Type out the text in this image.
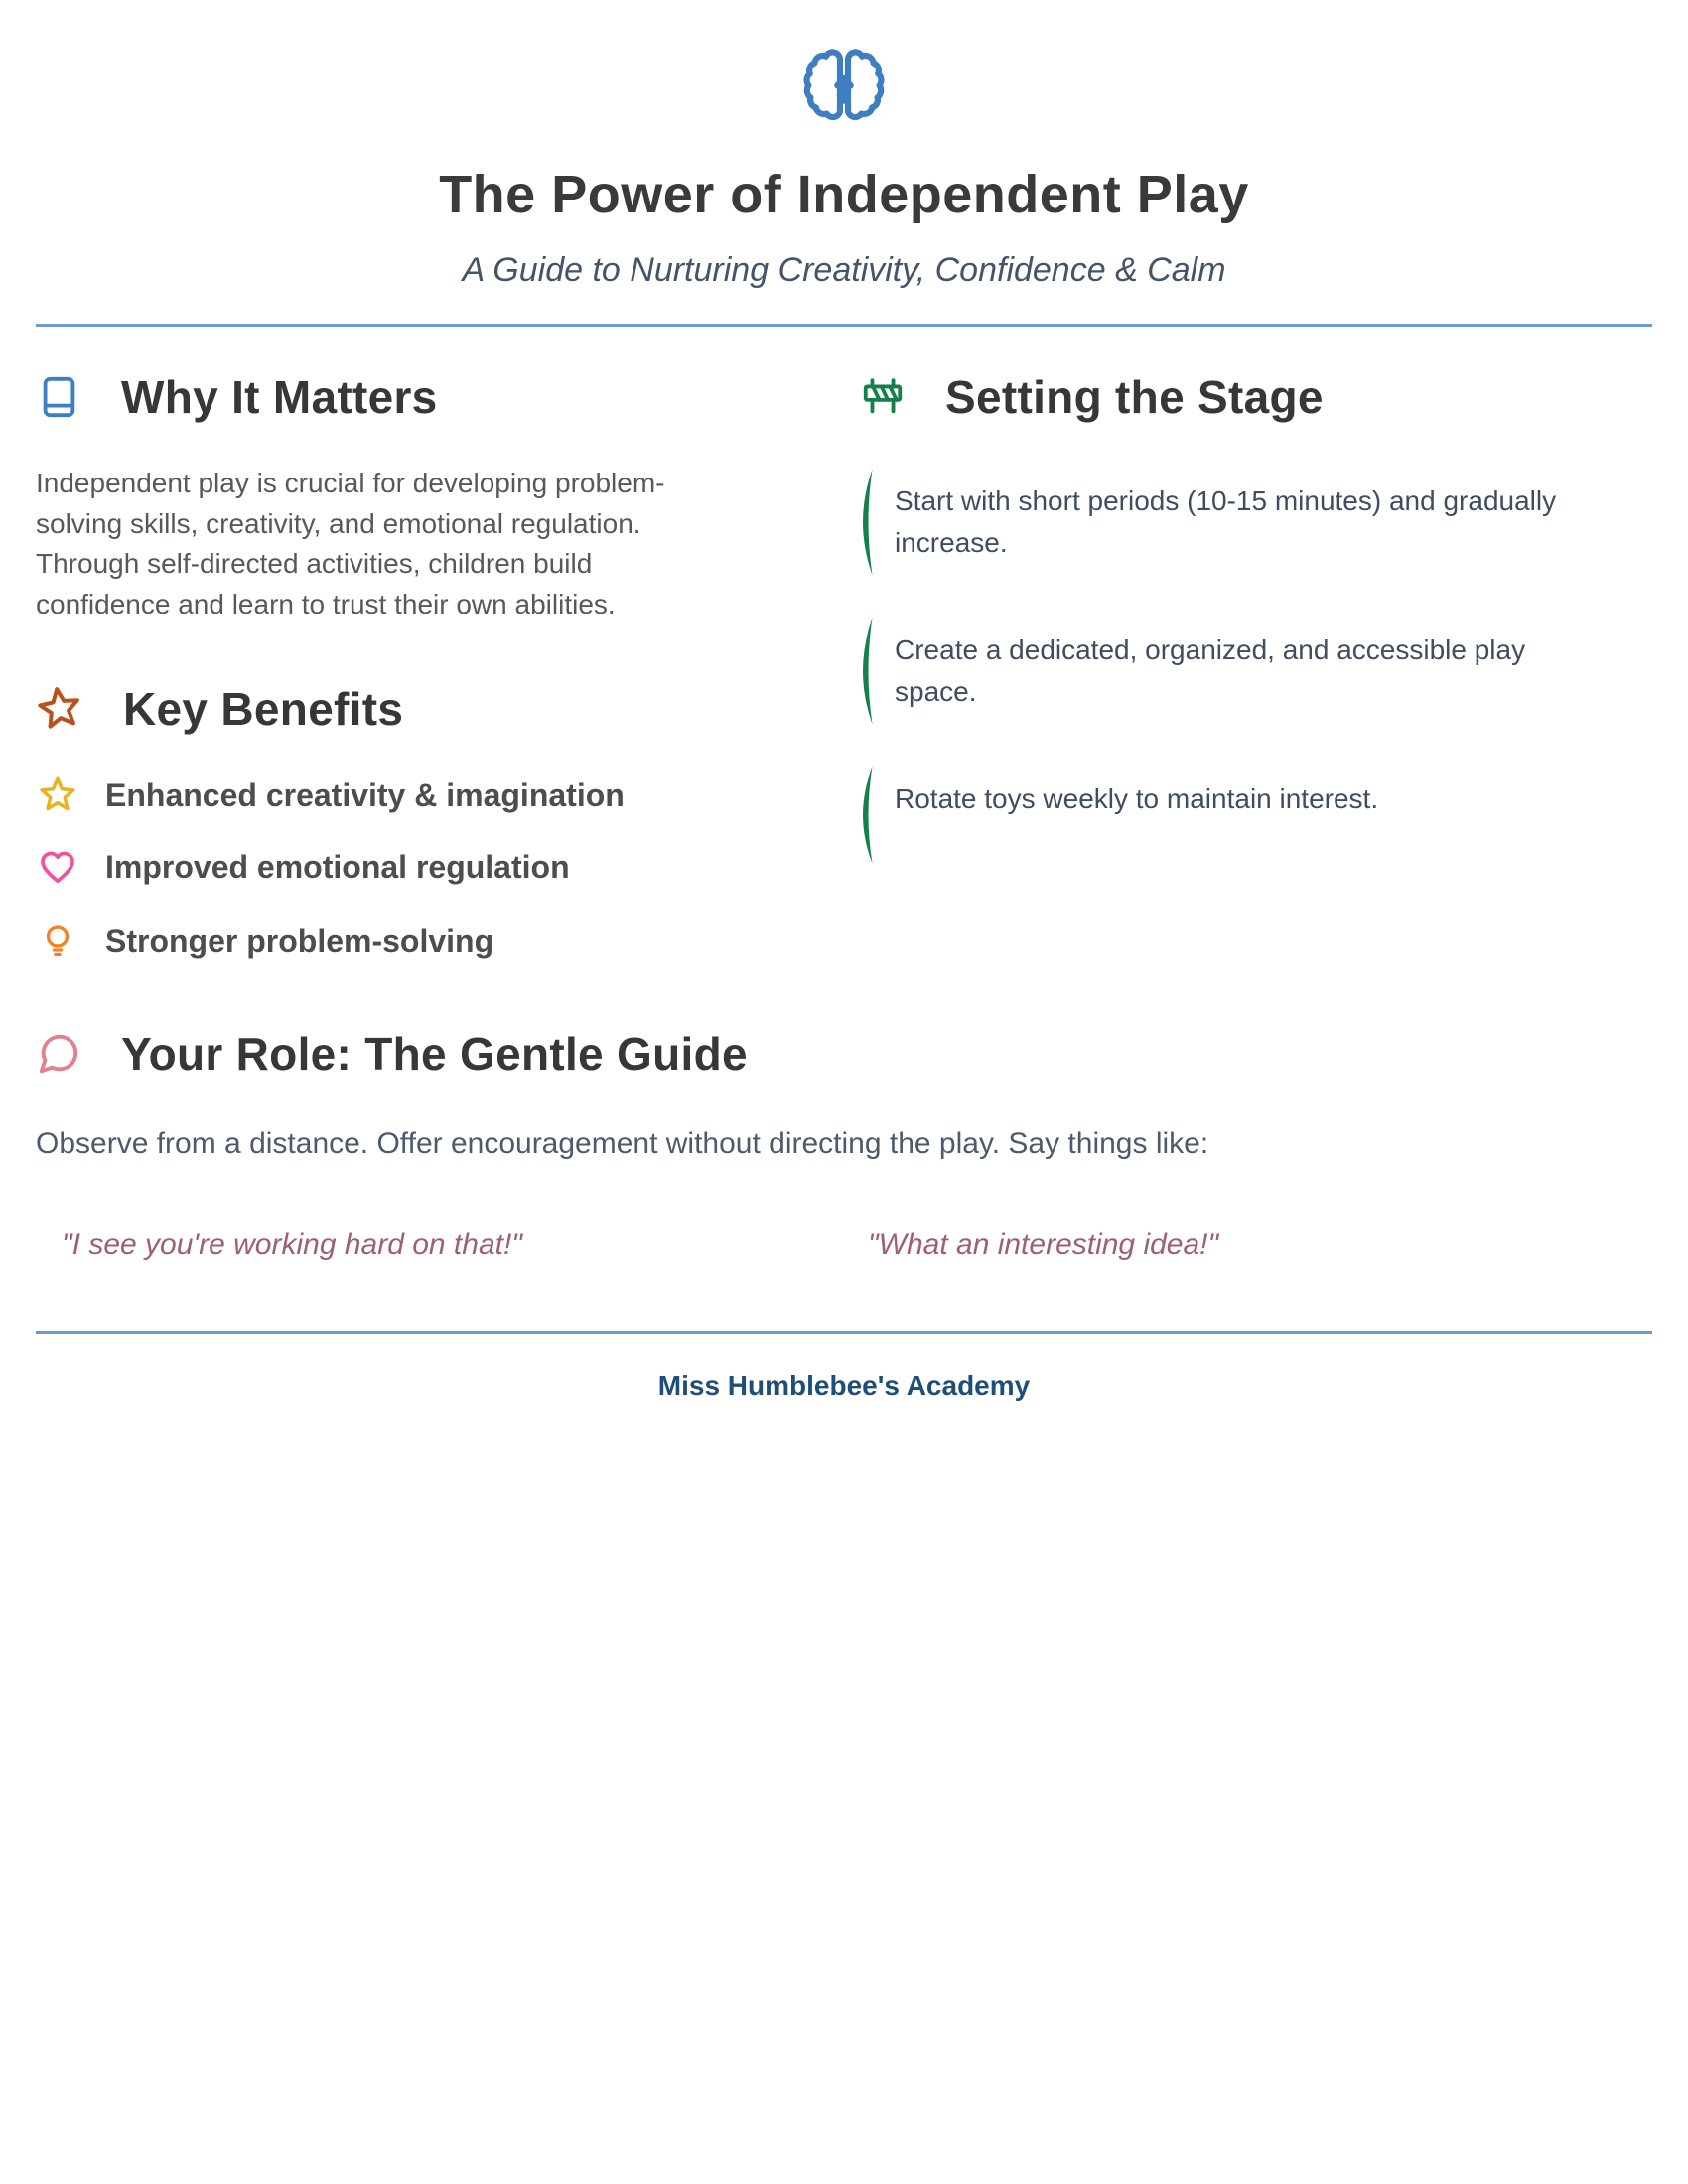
The Power of Independent Play
A Guide to Nurturing Creativity, Confidence & Calm
Why It Matters

Independent play is crucial for developing problem-solving skills, creativity, and emotional regulation. Through self-directed activities, children build confidence and learn to trust their own abilities.

Key Benefits
Enhanced creativity & imagination
Improved emotional regulation
Stronger problem-solving
Setting the Stage
Start with short periods (10-15 minutes) and gradually increase.
Create a dedicated, organized, and accessible play space.
Rotate toys weekly to maintain interest.
Your Role: The Gentle Guide

Observe from a distance. Offer encouragement without directing the play. Say things like:

"I see you're working hard on that!"	"What an interesting idea!"
Miss Humblebee's Academy
